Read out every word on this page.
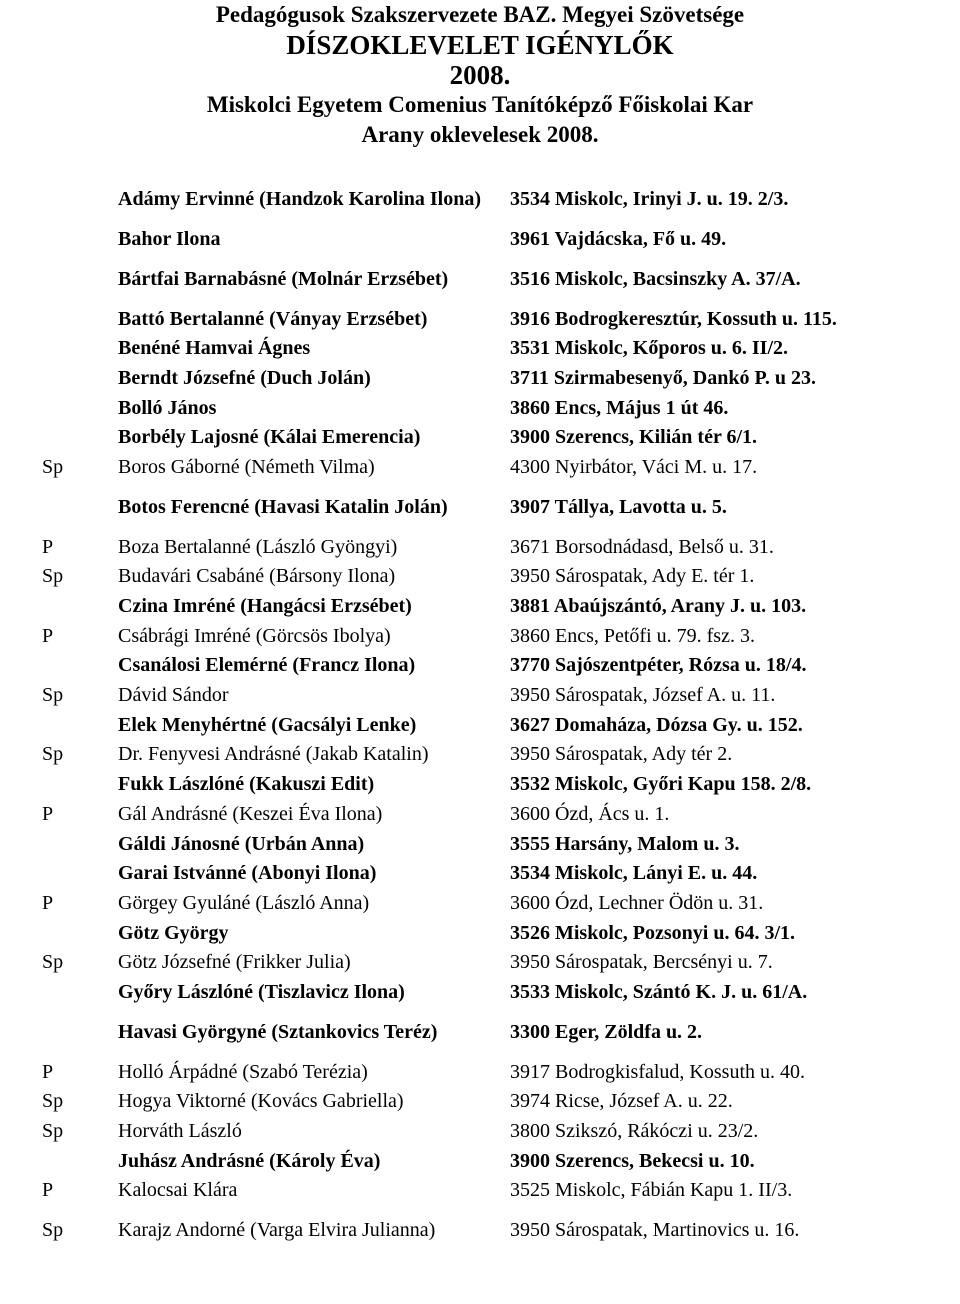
Pedagógusok Szakszervezete BAZ. Megyei Szövetsége
DÍSZOKLEVELET IGÉNYLŐK
2008.
Miskolci Egyetem Comenius Tanítóképző Főiskolai Kar
Arany oklevelesek 2008.
	Adámy Ervinné (Handzok Karolina Ilona)	3534 Miskolc, Irinyi J. u. 19. 2/3.
	Bahor Ilona	3961 Vajdácska, Fő u. 49.
	Bártfai Barnabásné (Molnár Erzsébet)	3516 Miskolc, Bacsinszky A. 37/A.
	Battó Bertalanné (Ványay Erzsébet)	3916 Bodrogkeresztúr, Kossuth u. 115.
	Benéné Hamvai Ágnes	3531 Miskolc, Kőporos u. 6. II/2.
	Berndt Józsefné (Duch Jolán)	3711 Szirmabesenyő, Dankó P. u 23.
	Bolló János	3860 Encs, Május 1 út 46.
	Borbély Lajosné (Kálai Emerencia)	3900 Szerencs, Kilián tér 6/1.
Sp	Boros Gáborné (Németh Vilma)	4300 Nyirbátor, Váci M. u. 17.
	Botos Ferencné (Havasi Katalin Jolán)	3907 Tállya, Lavotta u. 5.
P	Boza Bertalanné (László Gyöngyi)	3671 Borsodnádasd, Belső u. 31.
Sp	Budavári Csabáné (Bársony Ilona)	3950 Sárospatak, Ady E. tér 1.
	Czina Imréné (Hangácsi Erzsébet)	3881 Abaújszántó, Arany J. u. 103.
P	Csábrági Imréné (Görcsös Ibolya)	3860 Encs, Petőfi u. 79. fsz. 3.
	Csanálosi Elemérné (Francz Ilona)	3770 Sajószentpéter, Rózsa u. 18/4.
Sp	Dávid Sándor	3950 Sárospatak, József A. u. 11.
	Elek Menyhértné (Gacsályi Lenke)	3627 Domaháza, Dózsa Gy. u. 152.
Sp	Dr. Fenyvesi Andrásné (Jakab Katalin)	3950 Sárospatak, Ady tér 2.
	Fukk Lászlóné (Kakuszi Edit)	3532 Miskolc, Győri Kapu 158. 2/8.
P	Gál Andrásné (Keszei Éva Ilona)	3600 Ózd, Ács u. 1.
	Gáldi Jánosné (Urbán Anna)	3555 Harsány, Malom u. 3.
	Garai Istvánné (Abonyi Ilona)	3534 Miskolc, Lányi E. u. 44.
P	Görgey Gyuláné (László Anna)	3600 Ózd, Lechner Ödön u. 31.
	Götz György	3526 Miskolc, Pozsonyi u. 64. 3/1.
Sp	Götz Józsefné (Frikker Julia)	3950 Sárospatak, Bercsényi u. 7.
	Győry Lászlóné (Tiszlavicz Ilona)	3533 Miskolc, Szántó K. J. u. 61/A.
	Havasi Györgyné (Sztankovics Teréz)	3300 Eger, Zöldfa u. 2.
P	Holló Árpádné (Szabó Terézia)	3917 Bodrogkisfalud, Kossuth u. 40.
Sp	Hogya Viktorné (Kovács Gabriella)	3974 Ricse, József A. u. 22.
Sp	Horváth László	3800 Szikszó, Rákóczi u. 23/2.
	Juhász Andrásné (Károly Éva)	3900 Szerencs, Bekecsi u. 10.
P	Kalocsai Klára	3525 Miskolc, Fábián Kapu 1. II/3.
Sp	Karajz Andorné (Varga Elvira Julianna)	3950 Sárospatak, Martinovics u. 16.
